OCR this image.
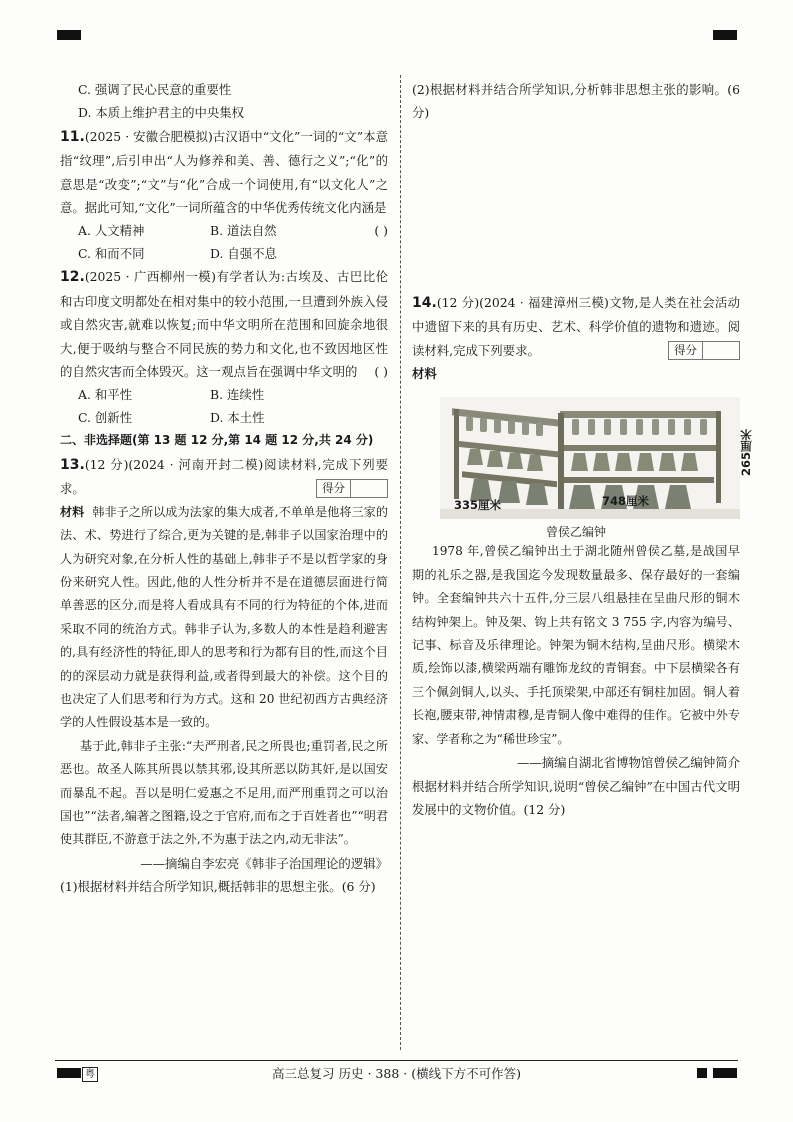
C. 强调了民心民意的重要性

D. 本质上维护君主的中央集权

11.(2025 · 安徽合肥模拟)古汉语中“文化”一词的“文”本意指“纹理”,后引申出“人为修养和美、善、德行之义”;“化”的意思是“改变”;“文”与“化”合成一个词使用,有“以文化人”之意。据此可知,“文化”一词所蕴含的中华优秀传统文化内涵是
( )

A. 人文精神	B. 道法自然
C. 和而不同	D. 自强不息

12.(2025 · 广西柳州一模)有学者认为:古埃及、古巴比伦和古印度文明都处在相对集中的较小范围,一旦遭到外族入侵或自然灾害,就难以恢复;而中华文明所在范围和回旋余地很大,便于吸纳与整合不同民族的势力和文化,也不致因地区性的自然灾害而全体毁灭。这一观点旨在强调中华文明的 ( )

A. 和平性	B. 连续性
C. 创新性	D. 本土性

二、非选择题(第 13 题 12 分,第 14 题 12 分,共 24 分)

13.(12 分)(2024 · 河南开封二模)阅读材料,完成下列要求。	得分

材料 韩非子之所以成为法家的集大成者,不单单是他将三家的法、术、势进行了综合,更为关键的是,韩非子以国家治理中的人为研究对象,在分析人性的基础上,韩非子不是以哲学家的身份来研究人性。因此,他的人性分析并不是在道德层面进行简单善恶的区分,而是将人看成具有不同的行为特征的个体,进而采取不同的统治方式。韩非子认为,多数人的本性是趋利避害的,具有经济性的特征,即人的思考和行为都有目的性,而这个目的的深层动力就是获得利益,或者得到最大的补偿。这个目的也决定了人们思考和行为方式。这和 20 世纪初西方古典经济学的人性假设基本是一致的。

基于此,韩非子主张:“夫严刑者,民之所畏也;重罚者,民之所恶也。故圣人陈其所畏以禁其邪,设其所恶以防其奸,是以国安而暴乱不起。吾以是明仁爱惠之不足用,而严刑重罚之可以治国也”“法者,编著之图籍,设之于官府,而布之于百姓者也”“明君使其群臣,不游意于法之外,不为惠于法之内,动无非法”。

——摘编自李宏亮《韩非子治国理论的逻辑》

(1)根据材料并结合所学知识,概括韩非的思想主张。(6 分)

(2)根据材料并结合所学知识,分析韩非思想主张的影响。(6 分)

14.(12 分)(2024 · 福建漳州三模)文物,是人类在社会活动中遗留下来的具有历史、艺术、科学价值的遗物和遗迹。阅读材料,完成下列要求。	得分

材料

335厘米	748厘米
265厘米
曾侯乙编钟

1978 年,曾侯乙编钟出土于湖北随州曾侯乙墓,是战国早期的礼乐之器,是我国迄今发现数量最多、保存最好的一套编钟。全套编钟共六十五件,分三层八组悬挂在呈曲尺形的铜木结构钟架上。钟及架、钩上共有铭文 3 755 字,内容为编号、记事、标音及乐律理论。钟架为铜木结构,呈曲尺形。横梁木质,绘饰以漆,横梁两端有雕饰龙纹的青铜套。中下层横梁各有三个佩剑铜人,以头、手托顶梁架,中部还有铜柱加固。铜人着长袍,腰束带,神情肃穆,是青铜人像中难得的佳作。它被中外专家、学者称之为“稀世珍宝”。

——摘编自湖北省博物馆曾侯乙编钟简介

根据材料并结合所学知识,说明“曾侯乙编钟”在中国古代文明发展中的文物价值。(12 分)

粤	高三总复习 历史 · 388 · (横线下方不可作答)
